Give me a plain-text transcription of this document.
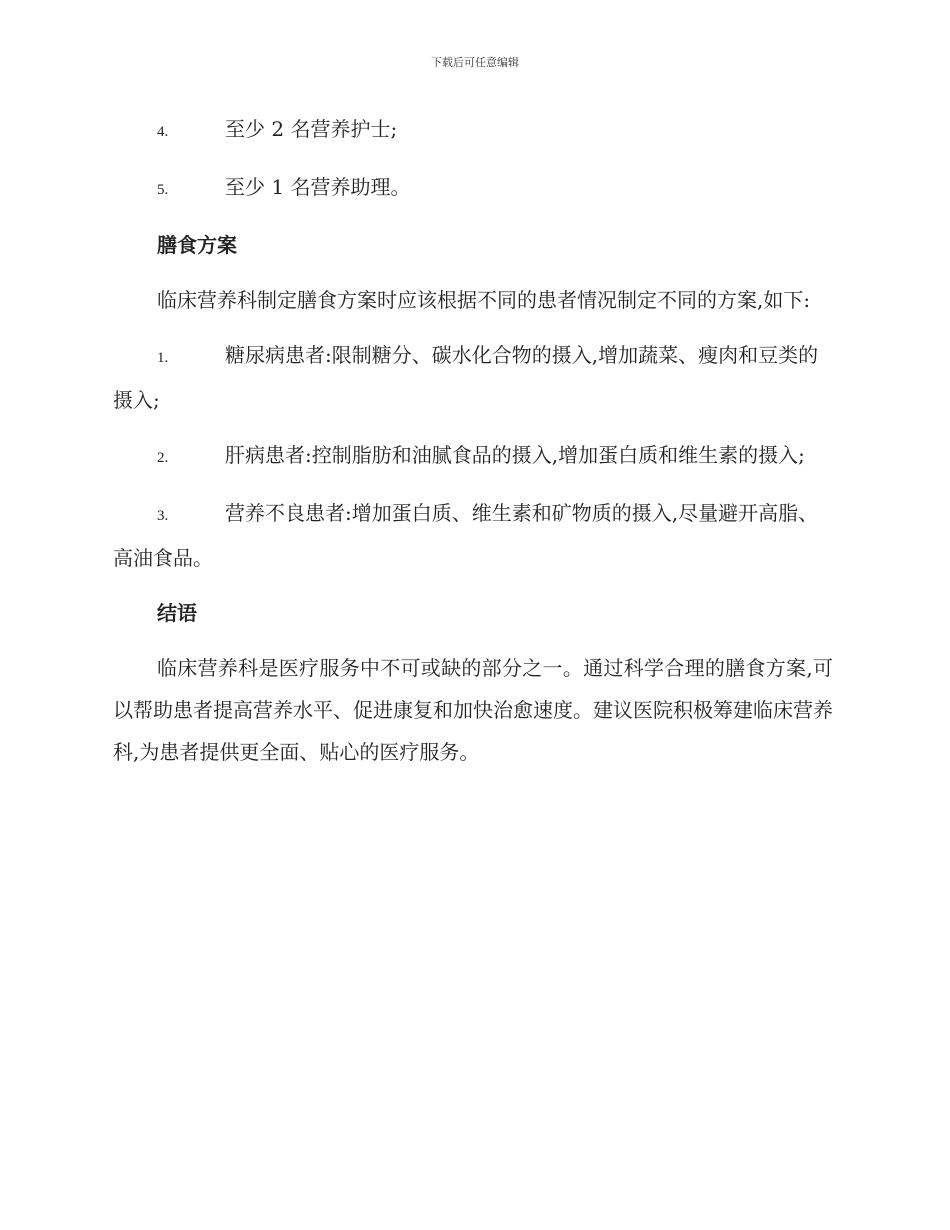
下载后可任意编辑
4.	至少 2 名营养护士;
5.	至少 1 名营养助理。
膳食方案
临床营养科制定膳食方案时应该根据不同的患者情况制定不同的方案,如下:
1.	糖尿病患者:限制糖分、碳水化合物的摄入,增加蔬菜、瘦肉和豆类的摄入;
2.	肝病患者:控制脂肪和油腻食品的摄入,增加蛋白质和维生素的摄入;
3.	营养不良患者:增加蛋白质、维生素和矿物质的摄入,尽量避开高脂、高油食品。
结语
临床营养科是医疗服务中不可或缺的部分之一。通过科学合理的膳食方案,可以帮助患者提高营养水平、促进康复和加快治愈速度。建议医院积极筹建临床营养科,为患者提供更全面、贴心的医疗服务。
